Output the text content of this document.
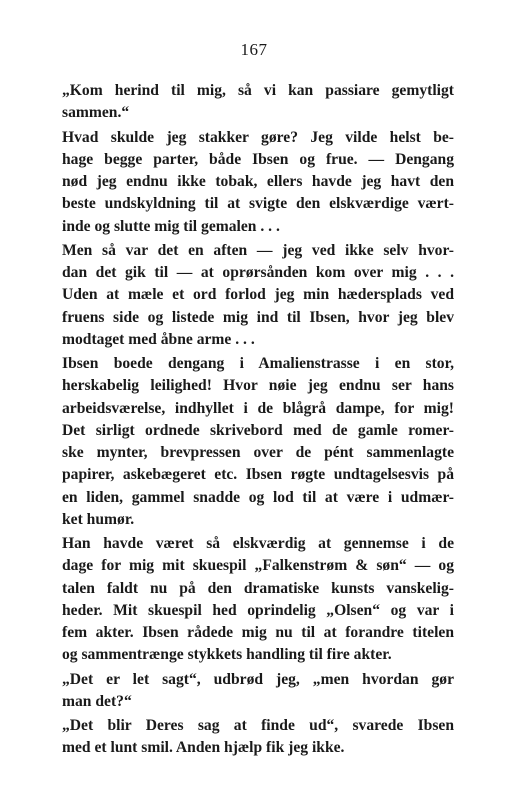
167
„Kom herind til mig, så vi kan passiare gemytligt
sammen.“
Hvad skulde jeg stakker gøre? Jeg vilde helst be-
hage begge parter, både Ibsen og frue. — Dengang
nød jeg endnu ikke tobak, ellers havde jeg havt den
beste undskyldning til at svigte den elskværdige vært-
inde og slutte mig til gemalen . . .
Men så var det en aften — jeg ved ikke selv hvor-
dan det gik til — at oprørsånden kom over mig . . .
Uden at mæle et ord forlod jeg min hædersplads ved
fruens side og listede mig ind til Ibsen, hvor jeg blev
modtaget med åbne arme . . .
Ibsen boede dengang i Amalienstrasse i en stor,
herskabelig leilighed! Hvor nøie jeg endnu ser hans
arbeidsværelse, indhyllet i de blågrå dampe, for mig!
Det sirligt ordnede skrivebord med de gamle romer-
ske mynter, brevpressen over de pént sammenlagte
papirer, askebægeret etc. Ibsen røgte undtagelsesvis på
en liden, gammel snadde og lod til at være i udmær-
ket humør.
Han havde været så elskværdig at gennemse i de
dage for mig mit skuespil „Falkenstrøm & søn“ — og
talen faldt nu på den dramatiske kunsts vanskelig-
heder. Mit skuespil hed oprindelig „Olsen“ og var i
fem akter. Ibsen rådede mig nu til at forandre titelen
og sammentrænge stykkets handling til fire akter.
„Det er let sagt“, udbrød jeg, „men hvordan gør
man det?“
„Det blir Deres sag at finde ud“, svarede Ibsen
med et lunt smil. Anden hjælp fik jeg ikke.
